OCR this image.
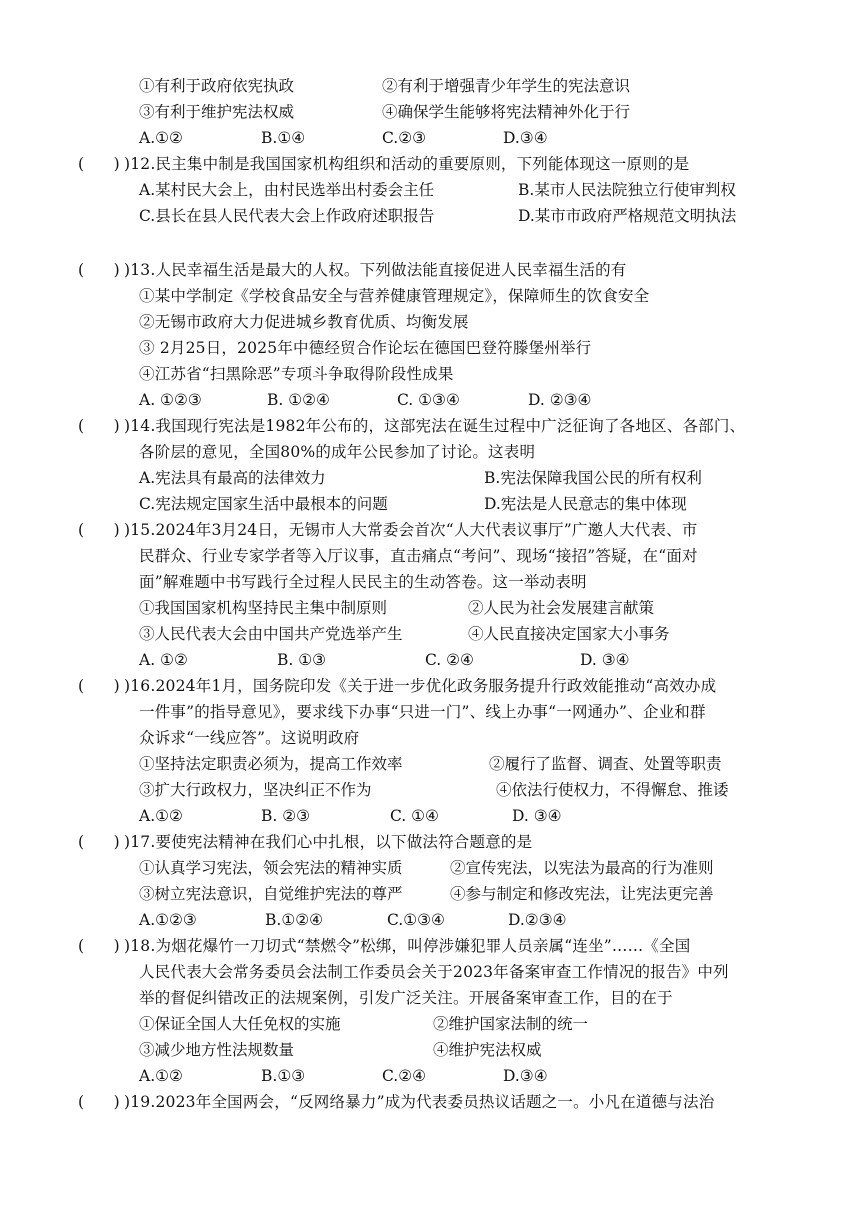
①有利于政府依宪执政	②有利于增强青少年学生的宪法意识
③有利于维护宪法权威	④确保学生能够将宪法精神外化于行
A.①②	B.①④	C.②③	D.③④
(      ) )12.民主集中制是我国国家机构组织和活动的重要原则，下列能体现这一原则的是
A.某村民大会上，由村民选举出村委会主任	B.某市人民法院独立行使审判权
C.县长在县人民代表大会上作政府述职报告	D.某市市政府严格规范文明执法
(      ) )13.人民幸福生活是最大的人权。下列做法能直接促进人民幸福生活的有
①某中学制定《学校食品安全与营养健康管理规定》，保障师生的饮食安全
②无锡市政府大力促进城乡教育优质、均衡发展
③ 2月25日，2025年中德经贸合作论坛在德国巴登符滕堡州举行
④江苏省“扫黑除恶”专项斗争取得阶段性成果
A. ①②③	B. ①②④	C. ①③④	D. ②③④
(      ) )14.我国现行宪法是1982年公布的，这部宪法在诞生过程中广泛征询了各地区、各部门、
各阶层的意见，全国80%的成年公民参加了讨论。这表明
A.宪法具有最高的法律效力	B.宪法保障我国公民的所有权利
C.宪法规定国家生活中最根本的问题	D.宪法是人民意志的集中体现
(      ) )15.2024年3月24日，无锡市人大常委会首次“人大代表议事厅”广邀人大代表、市
民群众、行业专家学者等入厅议事，直击痛点“考问”、现场“接招”答疑，在“面对
面”解难题中书写践行全过程人民民主的生动答卷。这一举动表明
①我国国家机构坚持民主集中制原则	②人民为社会发展建言献策
③人民代表大会由中国共产党选举产生	④人民直接决定国家大小事务
A. ①②	B. ①③	C. ②④	D. ③④
(      ) )16.2024年1月，国务院印发《关于进一步优化政务服务提升行政效能推动“高效办成
一件事”的指导意见》，要求线下办事“只进一门”、线上办事“一网通办”、企业和群
众诉求“一线应答”。这说明政府
①坚持法定职责必须为，提高工作效率	②履行了监督、调查、处置等职责
③扩大行政权力，坚决纠正不作为	④依法行使权力，不得懈怠、推诿
A.①②	B. ②③	C. ①④	D. ③④
(      ) )17.要使宪法精神在我们心中扎根，以下做法符合题意的是
①认真学习宪法，领会宪法的精神实质	②宣传宪法，以宪法为最高的行为准则
③树立宪法意识，自觉维护宪法的尊严	④参与制定和修改宪法，让宪法更完善
A.①②③	B.①②④	C.①③④	D.②③④
(      ) )18.为烟花爆竹一刀切式“禁燃令”松绑，叫停涉嫌犯罪人员亲属“连坐”……《全国
人民代表大会常务委员会法制工作委员会关于2023年备案审查工作情况的报告》中列
举的督促纠错改正的法规案例，引发广泛关注。开展备案审查工作，目的在于
①保证全国人大任免权的实施	②维护国家法制的统一
③减少地方性法规数量	④维护宪法权威
A.①②	B.①③	C.②④	D.③④
(      ) )19.2023年全国两会，“反网络暴力”成为代表委员热议话题之一。小凡在道德与法治
